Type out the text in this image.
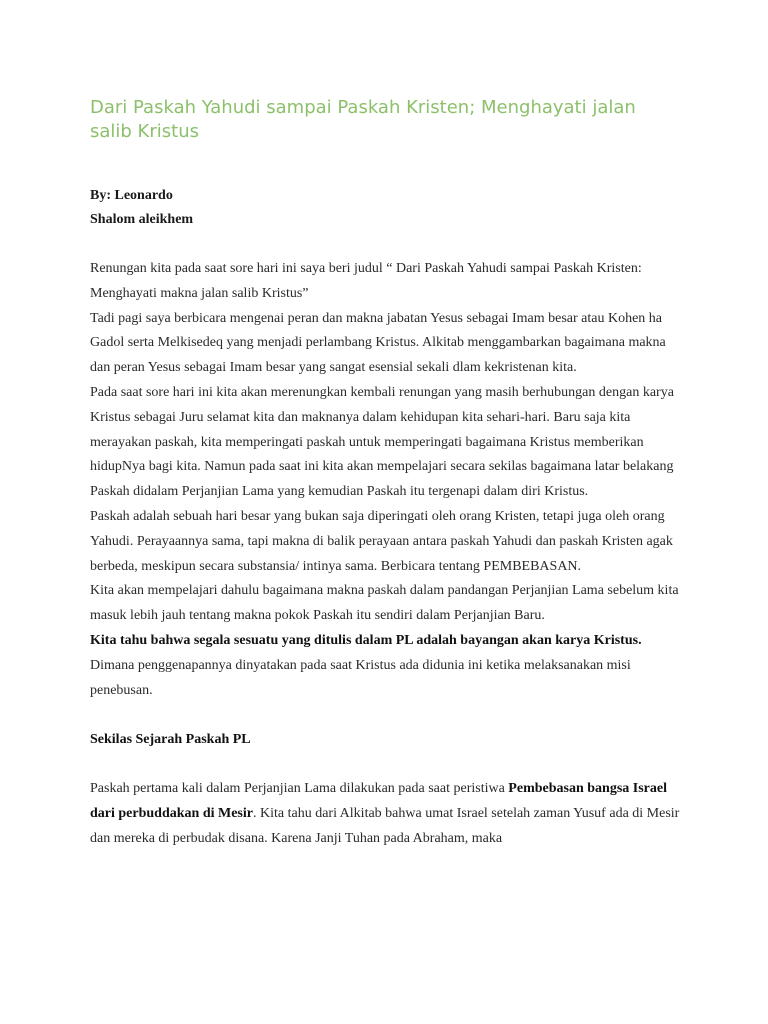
Dari Paskah Yahudi sampai Paskah Kristen; Menghayati jalan salib Kristus

By: Leonardo

Shalom aleikhem

Renungan kita pada saat sore hari ini saya beri judul “ Dari Paskah Yahudi sampai Paskah Kristen: Menghayati makna jalan salib Kristus”

Tadi pagi saya berbicara mengenai peran dan makna jabatan Yesus sebagai Imam besar atau Kohen ha Gadol serta Melkisedeq yang menjadi perlambang Kristus. Alkitab menggambarkan bagaimana makna dan peran Yesus sebagai Imam besar yang sangat esensial sekali dlam kekristenan kita.

Pada saat sore hari ini kita akan merenungkan kembali renungan yang masih berhubungan dengan karya Kristus sebagai Juru selamat kita dan maknanya dalam kehidupan kita sehari-hari. Baru saja kita merayakan paskah, kita memperingati paskah untuk memperingati bagaimana Kristus memberikan hidupNya bagi kita. Namun pada saat ini kita akan mempelajari secara sekilas bagaimana latar belakang Paskah didalam Perjanjian Lama yang kemudian Paskah itu tergenapi dalam diri Kristus.

Paskah adalah sebuah hari besar yang bukan saja diperingati oleh orang Kristen, tetapi juga oleh orang Yahudi. Perayaannya sama, tapi makna di balik perayaan antara paskah Yahudi dan paskah Kristen agak berbeda, meskipun secara substansia/ intinya sama. Berbicara tentang PEMBEBASAN.

Kita akan mempelajari dahulu bagaimana makna paskah dalam pandangan Perjanjian Lama sebelum kita masuk lebih jauh tentang makna pokok Paskah itu sendiri dalam Perjanjian Baru.

Kita tahu bahwa segala sesuatu yang ditulis dalam PL adalah bayangan akan karya Kristus. Dimana penggenapannya dinyatakan pada saat Kristus ada didunia ini ketika melaksanakan misi penebusan.

Sekilas Sejarah Paskah PL

Paskah pertama kali dalam Perjanjian Lama dilakukan pada saat peristiwa Pembebasan bangsa Israel dari perbuddakan di Mesir. Kita tahu dari Alkitab bahwa umat Israel setelah zaman Yusuf ada di Mesir dan mereka di perbudak disana. Karena Janji Tuhan pada Abraham, maka
